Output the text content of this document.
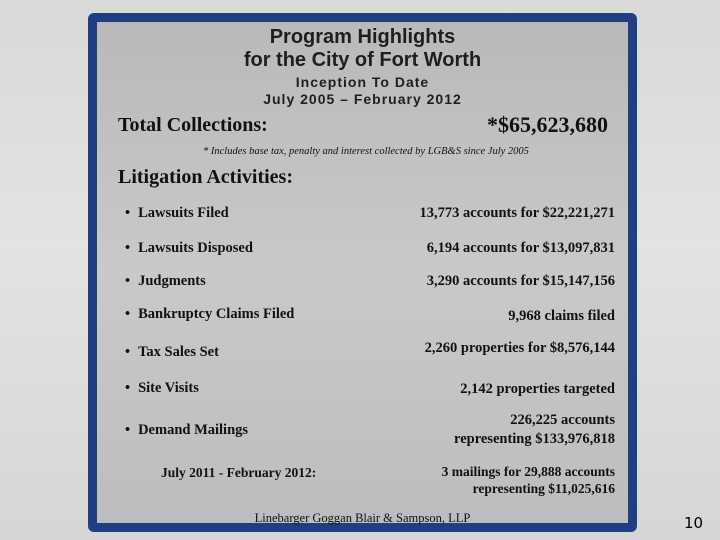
Program Highlights
for the City of Fort Worth
Inception To Date
July 2005 – February 2012
Total Collections:	*$65,623,680
* Includes base tax, penalty and interest collected by LGB&S since July 2005
Litigation Activities:
• Lawsuits Filed	13,773 accounts for $22,221,271
• Lawsuits Disposed	6,194 accounts for $13,097,831
• Judgments	3,290 accounts for $15,147,156
• Bankruptcy Claims Filed	9,968 claims filed
• Tax Sales Set	2,260 properties for $8,576,144
• Site Visits	2,142 properties targeted
• Demand Mailings
226,225 accounts
representing $133,976,818
July 2011 - February 2012:	3 mailings for 29,888 accounts
representing $11,025,616
Linebarger Goggan Blair & Sampson, LLP	10
